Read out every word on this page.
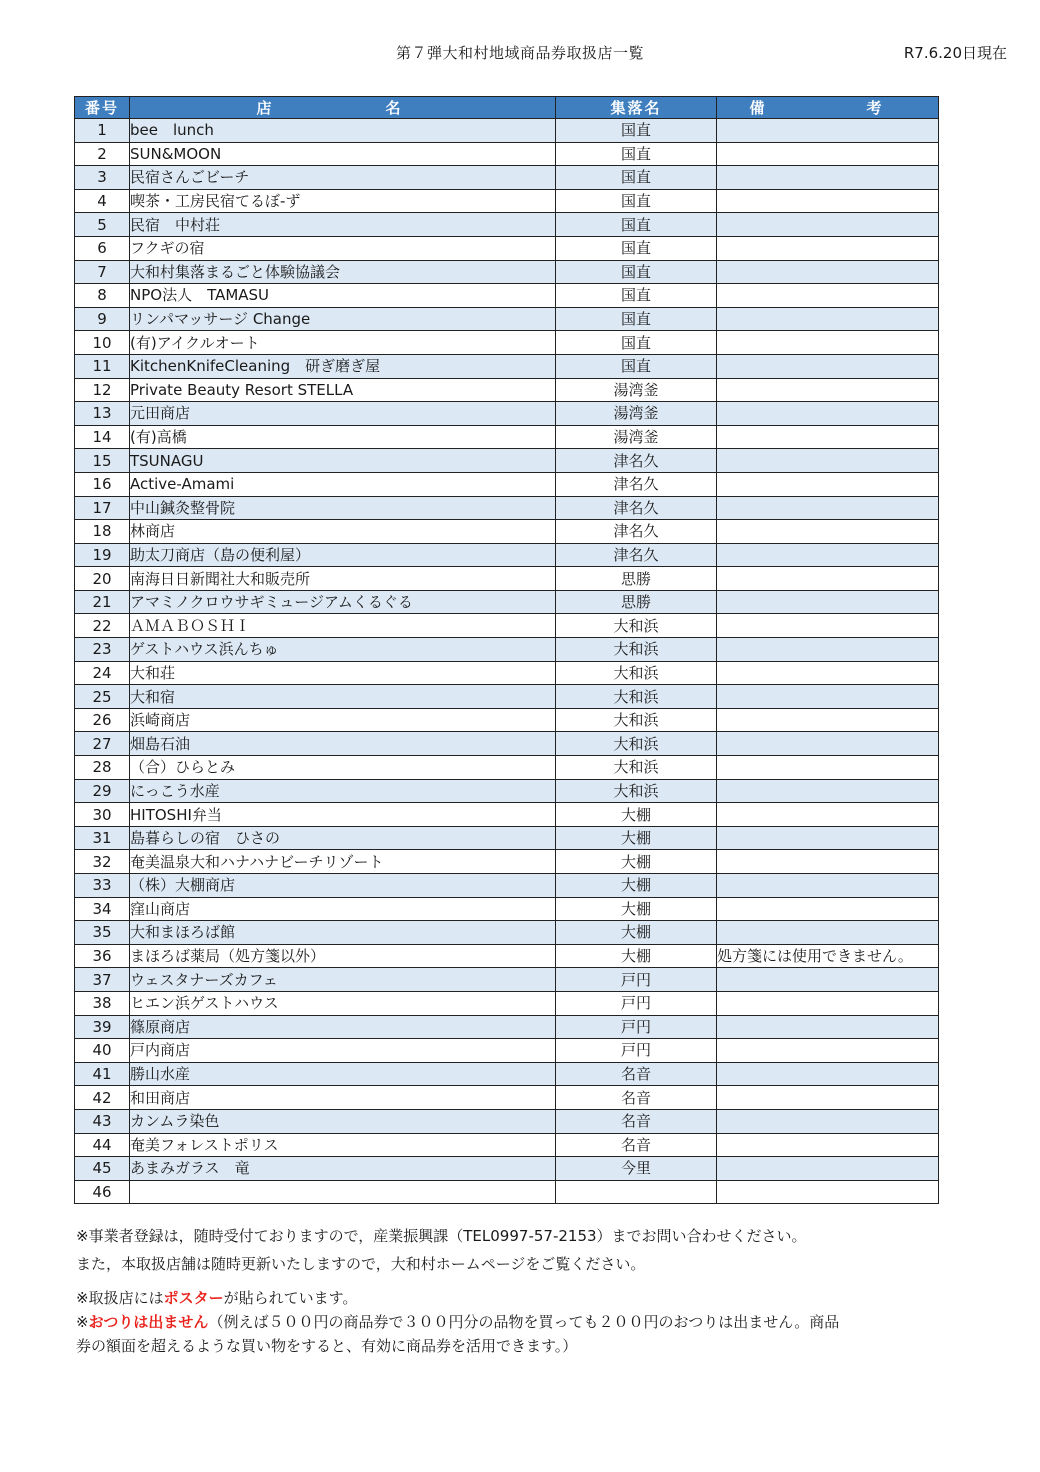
第７弾大和村地域商品券取扱店一覧	R7.6.20日現在
番号	店　　名	集落名	備　　考
1	bee　lunch	国直	
2	SUN&MOON	国直	
3	民宿さんごビーチ	国直	
4	喫茶・工房民宿てるぼ-ず	国直	
5	民宿　中村荘	国直	
6	フクギの宿	国直	
7	大和村集落まるごと体験協議会	国直	
8	NPO法人　TAMASU	国直	
9	リンパマッサージ Change	国直	
10	(有)アイクルオート	国直	
11	KitchenKnifeCleaning　研ぎ磨ぎ屋	国直	
12	Private Beauty Resort STELLA	湯湾釜	
13	元田商店	湯湾釜	
14	(有)高橋	湯湾釜	
15	TSUNAGU	津名久	
16	Active-Amami	津名久	
17	中山鍼灸整骨院	津名久	
18	林商店	津名久	
19	助太刀商店（島の便利屋）	津名久	
20	南海日日新聞社大和販売所	思勝	
21	アマミノクロウサギミュージアムくるぐる	思勝	
22	ＡＭＡＢＯＳＨＩ	大和浜	
23	ゲストハウス浜んちゅ	大和浜	
24	大和荘	大和浜	
25	大和宿	大和浜	
26	浜崎商店	大和浜	
27	畑島石油	大和浜	
28	（合）ひらとみ	大和浜	
29	にっこう水産	大和浜	
30	HITOSHI弁当	大棚	
31	島暮らしの宿　ひさの	大棚	
32	奄美温泉大和ハナハナビーチリゾート	大棚	
33	（株）大棚商店	大棚	
34	窪山商店	大棚	
35	大和まほろば館	大棚	
36	まほろば薬局（処方箋以外）	大棚	処方箋には使用できません。
37	ウェスタナーズカフェ	戸円	
38	ヒエン浜ゲストハウス	戸円	
39	篠原商店	戸円	
40	戸内商店	戸円	
41	勝山水産	名音	
42	和田商店	名音	
43	カンムラ染色	名音	
44	奄美フォレストポリス	名音	
45	あまみガラス　竜	今里	
46			

※事業者登録は，随時受付ておりますので，産業振興課（TEL0997-57-2153）までお問い合わせください。

また，本取扱店舗は随時更新いたしますので，大和村ホームページをご覧ください。

※取扱店にはポスターが貼られています。

※おつりは出ません（例えば５００円の商品券で３００円分の品物を買っても２００円のおつりは出ません。商品

券の額面を超えるような買い物をすると、有効に商品券を活用できます。）
